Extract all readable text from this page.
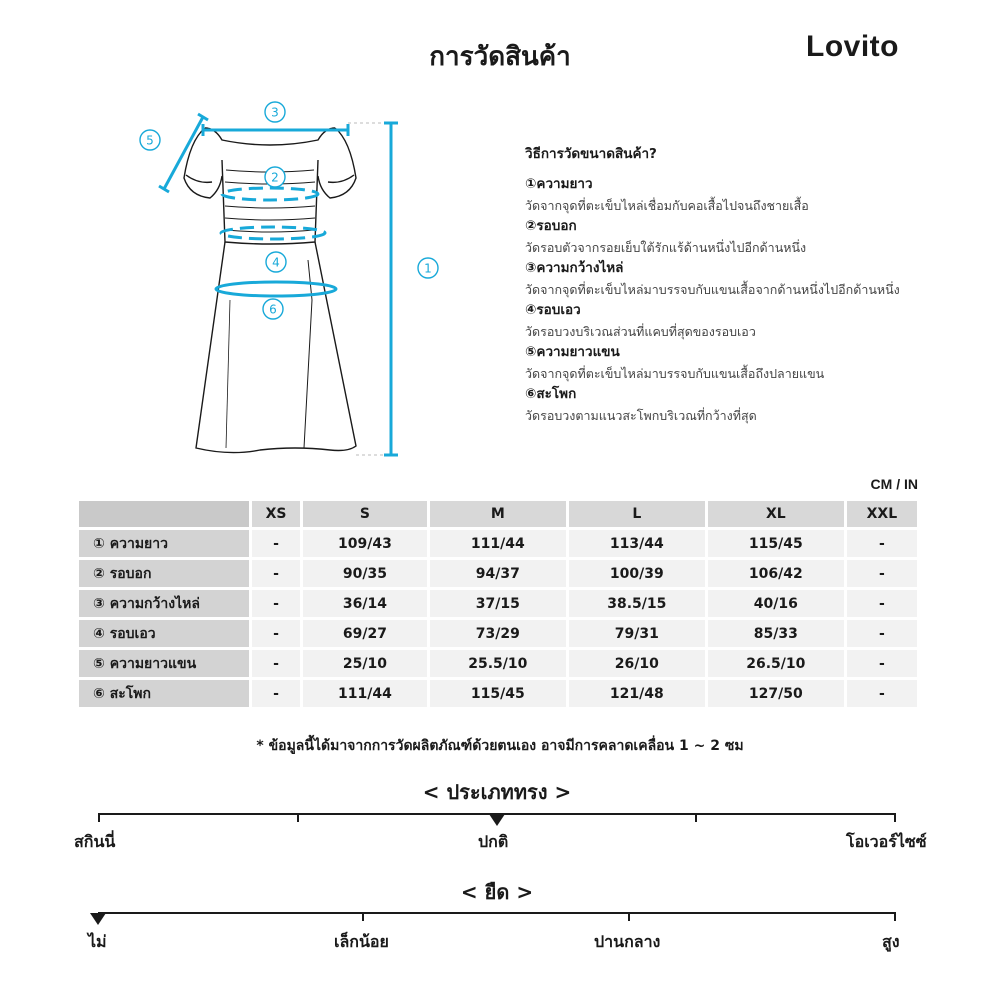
การวัดสินค้า	Lovito
3
5
2
4
6
1
วิธีการวัดขนาดสินค้า?
①ความยาว
วัดจากจุดที่ตะเข็บไหล่เชื่อมกับคอเสื้อไปจนถึงชายเสื้อ
②รอบอก
วัดรอบตัวจากรอยเย็บใต้รักแร้ด้านหนึ่งไปอีกด้านหนึ่ง
③ความกว้างไหล่
วัดจากจุดที่ตะเข็บไหล่มาบรรจบกับแขนเสื้อจากด้านหนึ่งไปอีกด้านหนึ่ง
④รอบเอว
วัดรอบวงบริเวณส่วนที่แคบที่สุดของรอบเอว
⑤ความยาวแขน
วัดจากจุดที่ตะเข็บไหล่มาบรรจบกับแขนเสื้อถึงปลายแขน
⑥สะโพก
วัดรอบวงตามแนวสะโพกบริเวณที่กว้างที่สุด
CM / IN
	XS	S	M	L	XL	XXL
① ความยาว	-	109/43	111/44	113/44	115/45	-
② รอบอก	-	90/35	94/37	100/39	106/42	-
③ ความกว้างไหล่	-	36/14	37/15	38.5/15	40/16	-
④ รอบเอว	-	69/27	73/29	79/31	85/33	-
⑤ ความยาวแขน	-	25/10	25.5/10	26/10	26.5/10	-
⑥ สะโพก	-	111/44	115/45	121/48	127/50	-
* ข้อมูลนี้ได้มาจากการวัดผลิตภัณฑ์ด้วยตนเอง อาจมีการคลาดเคลื่อน 1 ~ 2 ซม
< ประเภททรง >
สกินนี่	ปกติ	โอเวอร์ไซซ์
< ยืด >
ไม่	เล็กน้อย	ปานกลาง	สูง
